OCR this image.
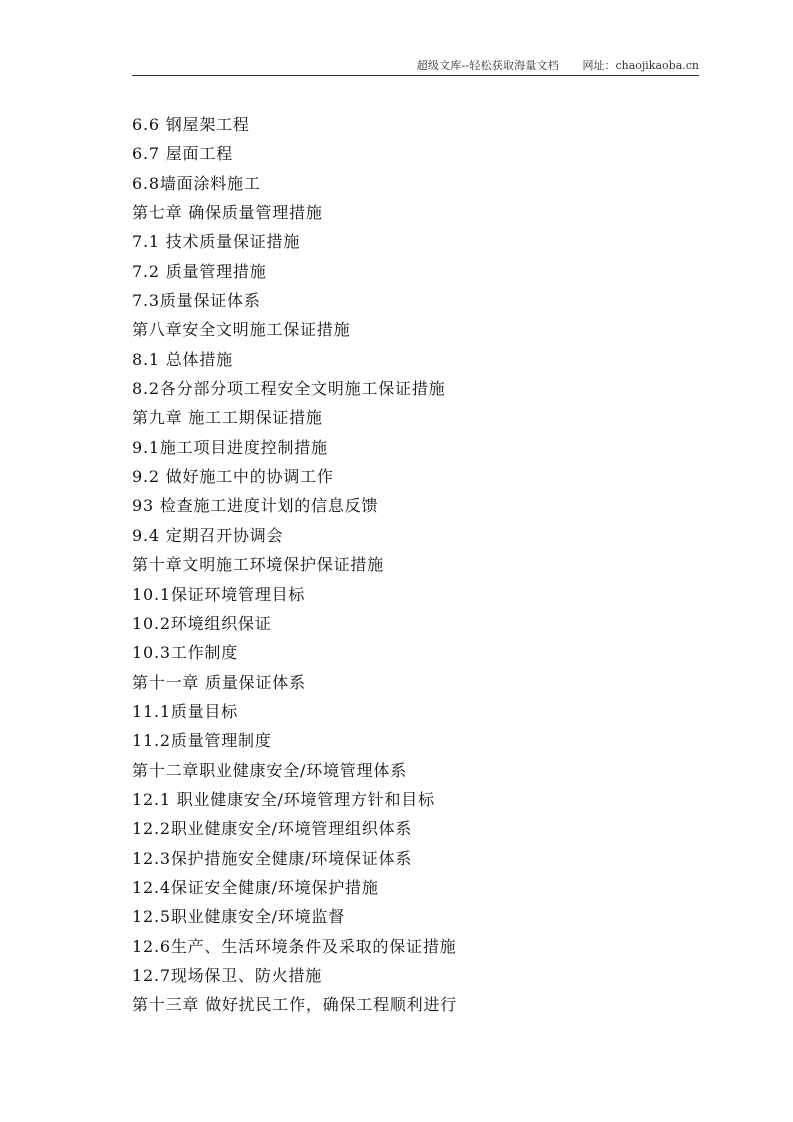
超级文库--轻松获取海量文档 网址：chaojikaoba.cn
6.6 钢屋架工程
6.7 屋面工程
6.8墙面涂料施工
第七章 确保质量管理措施
7.1 技术质量保证措施
7.2 质量管理措施
7.3质量保证体系
第八章安全文明施工保证措施
8.1 总体措施
8.2各分部分项工程安全文明施工保证措施
第九章 施工工期保证措施
9.1施工项目进度控制措施
9.2 做好施工中的协调工作
93 检查施工进度计划的信息反馈
9.4 定期召开协调会
第十章文明施工环境保护保证措施
10.1保证环境管理目标
10.2环境组织保证
10.3工作制度
第十一章 质量保证体系
11.1质量目标
11.2质量管理制度
第十二章职业健康安全/环境管理体系
12.1 职业健康安全/环境管理方针和目标
12.2职业健康安全/环境管理组织体系
12.3保护措施安全健康/环境保证体系
12.4保证安全健康/环境保护措施
12.5职业健康安全/环境监督
12.6生产、生活环境条件及采取的保证措施
12.7现场保卫、防火措施
第十三章 做好扰民工作，确保工程顺利进行
